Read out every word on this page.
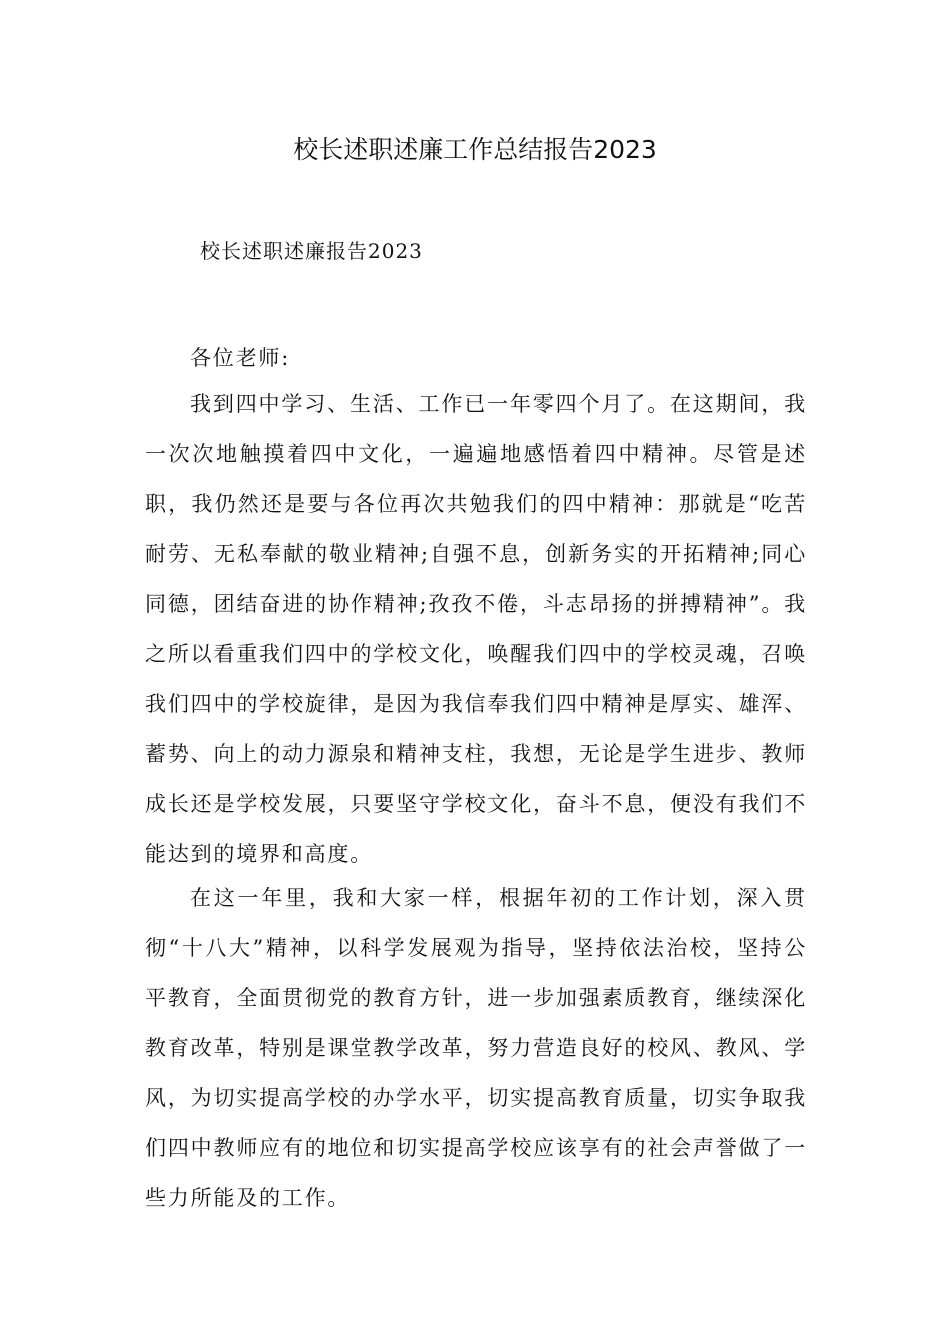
校长述职述廉工作总结报告2023
校长述职述廉报告2023
各位老师:

我到四中学习、生活、工作已一年零四个月了。在这期间，我一次次地触摸着四中文化，一遍遍地感悟着四中精神。尽管是述职，我仍然还是要与各位再次共勉我们的四中精神：那就是“吃苦耐劳、无私奉献的敬业精神;自强不息，创新务实的开拓精神;同心同德，团结奋进的协作精神;孜孜不倦，斗志昂扬的拼搏精神”。我之所以看重我们四中的学校文化，唤醒我们四中的学校灵魂，召唤我们四中的学校旋律，是因为我信奉我们四中精神是厚实、雄浑、蓄势、向上的动力源泉和精神支柱，我想，无论是学生进步、教师成长还是学校发展，只要坚守学校文化，奋斗不息，便没有我们不能达到的境界和高度。

在这一年里，我和大家一样，根据年初的工作计划，深入贯彻“十八大”精神，以科学发展观为指导，坚持依法治校，坚持公平教育，全面贯彻党的教育方针，进一步加强素质教育，继续深化教育改革，特别是课堂教学改革，努力营造良好的校风、教风、学风，为切实提高学校的办学水平，切实提高教育质量，切实争取我们四中教师应有的地位和切实提高学校应该享有的社会声誉做了一些力所能及的工作。
